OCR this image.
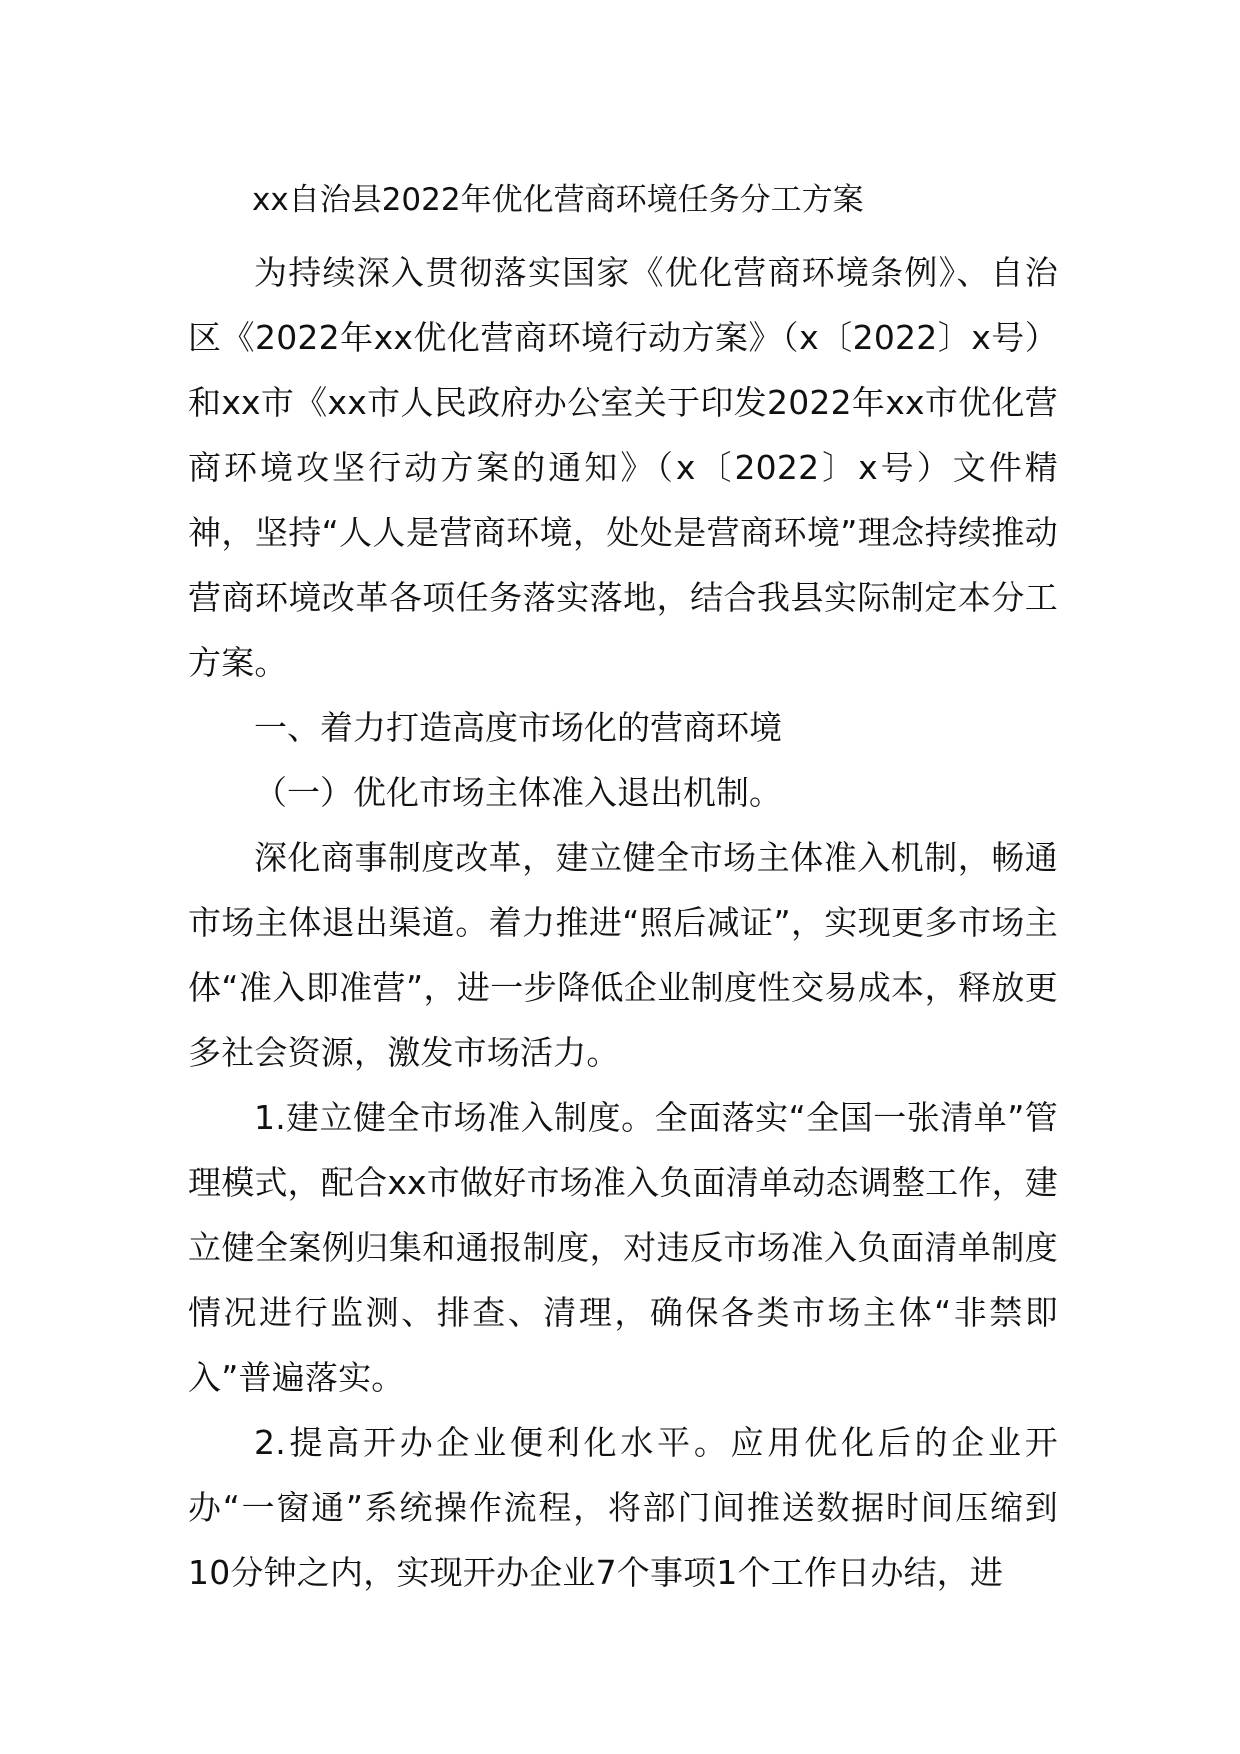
xx自治县2022年优化营商环境任务分工方案

为持续深入贯彻落实国家《优化营商环境条例》、自治区《2022年xx优化营商环境行动方案》（x〔2022〕x号）和xx市《xx市人民政府办公室关于印发2022年xx市优化营商环境攻坚行动方案的通知》（x〔2022〕x号）文件精神，坚持“人人是营商环境，处处是营商环境”理念持续推动营商环境改革各项任务落实落地，结合我县实际制定本分工方案。

一、着力打造高度市场化的营商环境

（一）优化市场主体准入退出机制。

深化商事制度改革，建立健全市场主体准入机制，畅通市场主体退出渠道。着力推进“照后减证”，实现更多市场主体“准入即准营”，进一步降低企业制度性交易成本，释放更多社会资源，激发市场活力。

1.建立健全市场准入制度。全面落实“全国一张清单”管理模式，配合xx市做好市场准入负面清单动态调整工作，建立健全案例归集和通报制度，对违反市场准入负面清单制度情况进行监测、排查、清理，确保各类市场主体“非禁即入”普遍落实。

2.提高开办企业便利化水平。应用优化后的企业开办“一窗通”系统操作流程，将部门间推送数据时间压缩到10分钟之内，实现开办企业7个事项1个工作日办结，进
